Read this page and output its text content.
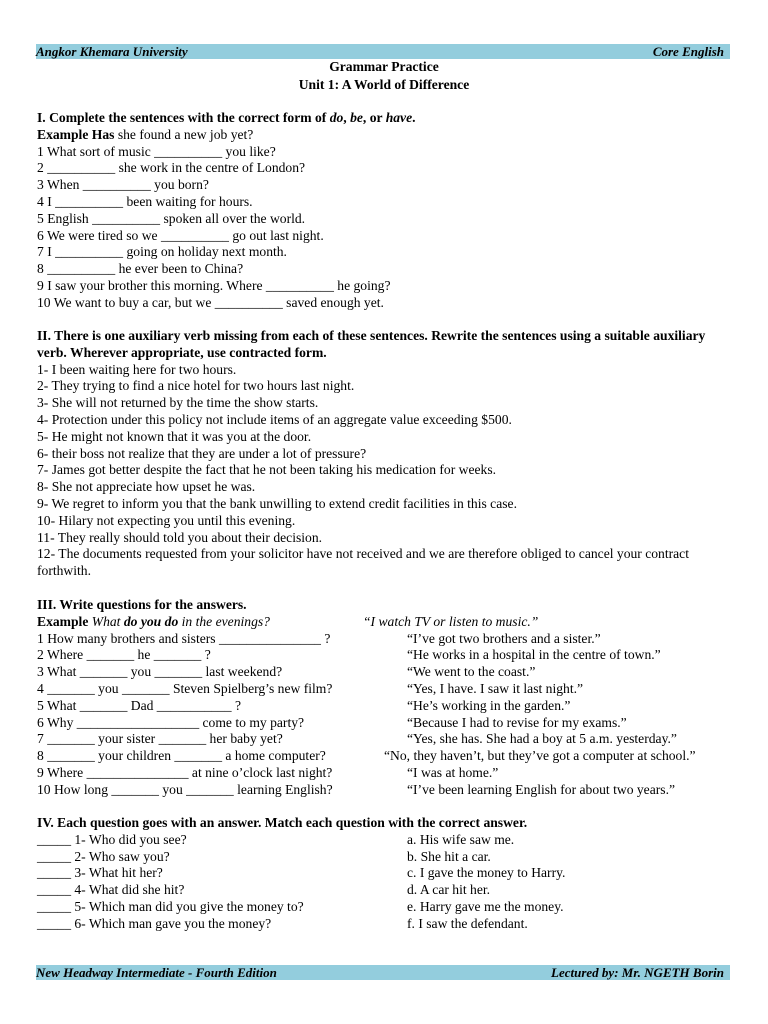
Angkor Khemara University	Core English
Grammar Practice
Unit 1: A World of Difference
I. Complete the sentences with the correct form of do, be, or have.
Example Has she found a new job yet?
1 What sort of music __________ you like?
2 __________ she work in the centre of London?
3 When __________ you born?
4 I __________ been waiting for hours.
5 English __________ spoken all over the world.
6 We were tired so we __________ go out last night.
7 I __________ going on holiday next month.
8 __________ he ever been to China?
9 I saw your brother this morning. Where __________ he going?
10 We want to buy a car, but we __________ saved enough yet.
II. There is one auxiliary verb missing from each of these sentences. Rewrite the sentences using a suitable auxiliary verb. Wherever appropriate, use contracted form.
1- I been waiting here for two hours.
2- They trying to find a nice hotel for two hours last night.
3- She will not returned by the time the show starts.
4- Protection under this policy not include items of an aggregate value exceeding $500.
5- He might not known that it was you at the door.
6- their boss not realize that they are under a lot of pressure?
7- James got better despite the fact that he not been taking his medication for weeks.
8- She not appreciate how upset he was.
9- We regret to inform you that the bank unwilling to extend credit facilities in this case.
10- Hilary not expecting you until this evening.
11- They really should told you about their decision.
12- The documents requested from your solicitor have not received and we are therefore obliged to cancel your contract forthwith.
III. Write questions for the answers.
Example What do you do in the evenings?	“I watch TV or listen to music.”
1 How many brothers and sisters _______________ ?	“I’ve got two brothers and a sister.”
2 Where _______ he _______ ?	“He works in a hospital in the centre of town.”
3 What _______ you _______ last weekend?	“We went to the coast.”
4 _______ you _______ Steven Spielberg’s new film?	“Yes, I have. I saw it last night.”
5 What _______ Dad ___________ ?	“He’s working in the garden.”
6 Why __________________ come to my party?	“Because I had to revise for my exams.”
7 _______ your sister _______ her baby yet?	“Yes, she has. She had a boy at 5 a.m. yesterday.”
8 _______ your children _______ a home computer?	“No, they haven’t, but they’ve got a computer at school.”
9 Where _______________ at nine o’clock last night?	“I was at home.”
10 How long _______ you _______ learning English?	“I’ve been learning English for about two years.”
IV. Each question goes with an answer. Match each question with the correct answer.
_____ 1- Who did you see?	a. His wife saw me.
_____ 2- Who saw you?	b. She hit a car.
_____ 3- What hit her?	c. I gave the money to Harry.
_____ 4- What did she hit?	d. A car hit her.
_____ 5- Which man did you give the money to?	e. Harry gave me the money.
_____ 6- Which man gave you the money?	f. I saw the defendant.
New Headway Intermediate - Fourth Edition	Lectured by: Mr. NGETH Borin
